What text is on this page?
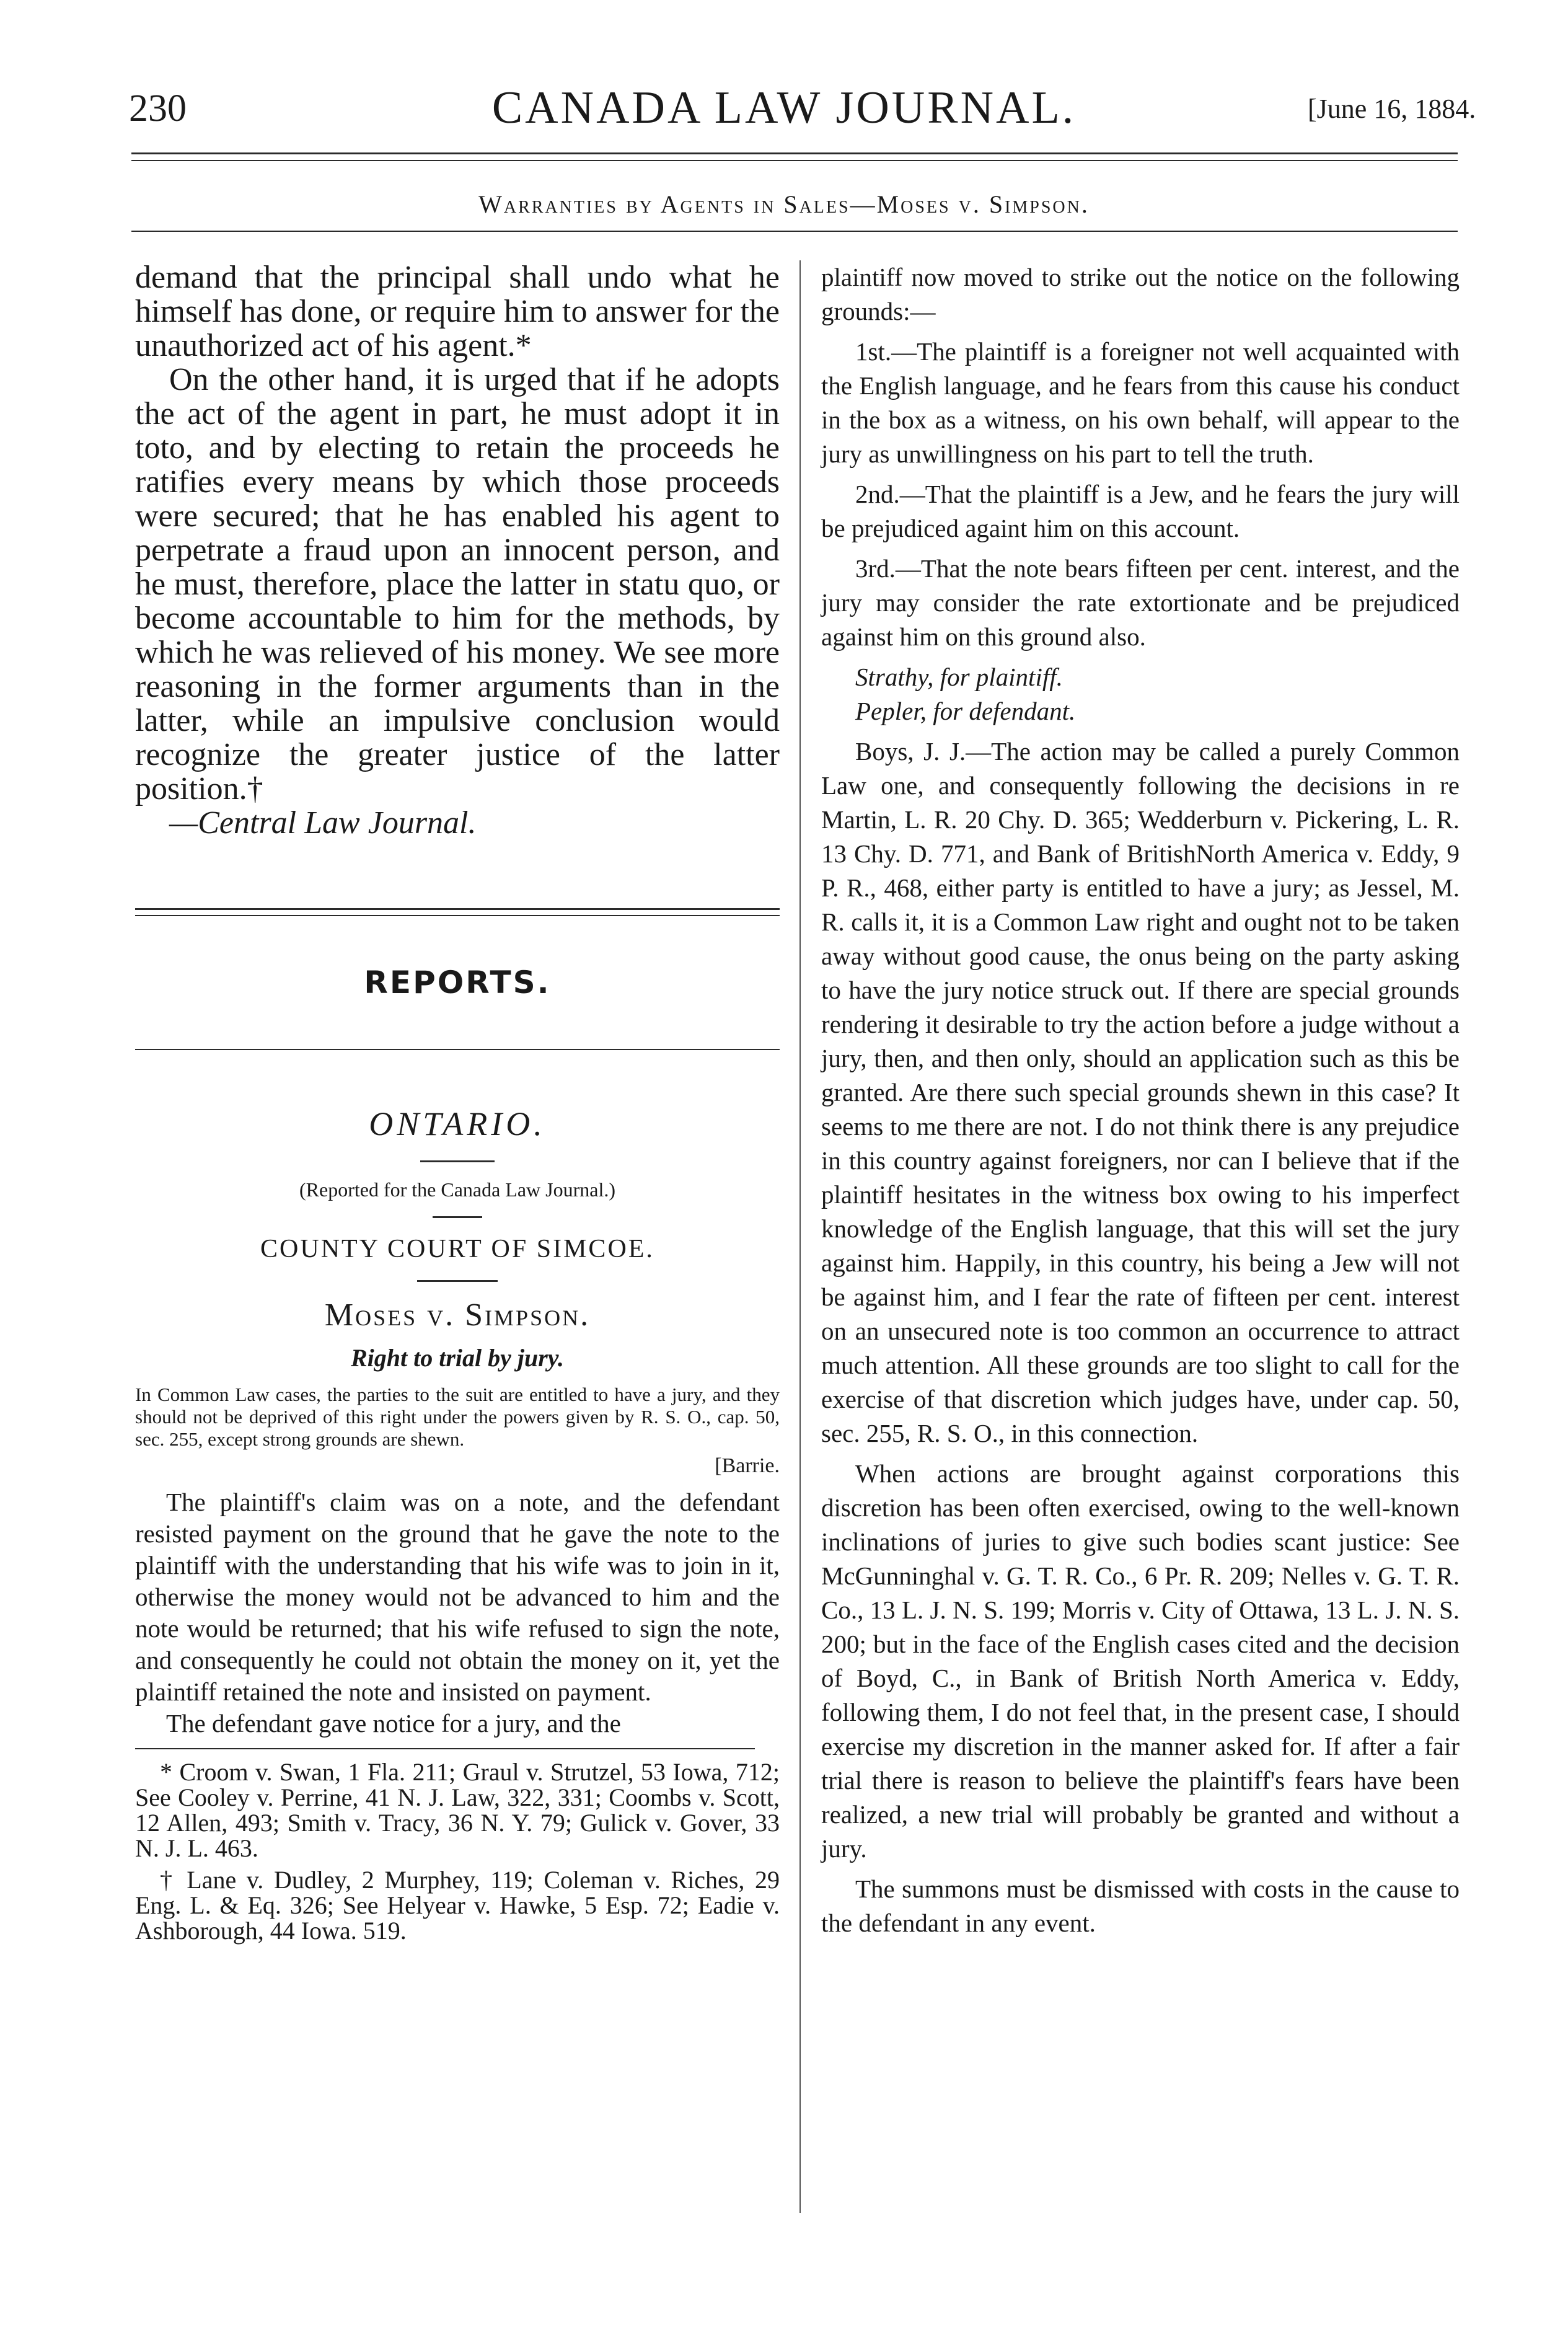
230	CANADA LAW JOURNAL.	[June 16, 1884.
Warranties by Agents in Sales—Moses v. Simpson.

demand that the principal shall undo what he himself has done, or require him to answer for the unauthorized act of his agent.*

On the other hand, it is urged that if he adopts the act of the agent in part, he must adopt it in toto, and by electing to retain the proceeds he ratifies every means by which those proceeds were secured; that he has enabled his agent to perpetrate a fraud upon an innocent person, and he must, therefore, place the latter in statu quo, or become accountable to him for the methods, by which he was relieved of his money. We see more reasoning in the former arguments than in the latter, while an impulsive conclusion would recognize the greater justice of the latter position.†

—Central Law Journal.

REPORTS.
ONTARIO.
(Reported for the Canada Law Journal.)
COUNTY COURT OF SIMCOE.
Moses v. Simpson.
Right to trial by jury.
In Common Law cases, the parties to the suit are entitled to have a jury, and they should not be deprived of this right under the powers given by R. S. O., cap. 50, sec. 255, except strong grounds are shewn.
[Barrie.

The plaintiff's claim was on a note, and the defendant resisted payment on the ground that he gave the note to the plaintiff with the understanding that his wife was to join in it, otherwise the money would not be advanced to him and the note would be returned; that his wife refused to sign the note, and consequently he could not obtain the money on it, yet the plaintiff retained the note and insisted on payment.

The defendant gave notice for a jury, and the

* Croom v. Swan, 1 Fla. 211; Graul v. Strutzel, 53 Iowa, 712; See Cooley v. Perrine, 41 N. J. Law, 322, 331; Coombs v. Scott, 12 Allen, 493; Smith v. Tracy, 36 N. Y. 79; Gulick v. Gover, 33 N. J. L. 463.

† Lane v. Dudley, 2 Murphey, 119; Coleman v. Riches, 29 Eng. L. & Eq. 326; See Helyear v. Hawke, 5 Esp. 72; Eadie v. Ashborough, 44 Iowa. 519.

plaintiff now moved to strike out the notice on the following grounds:—

1st.—The plaintiff is a foreigner not well acquainted with the English language, and he fears from this cause his conduct in the box as a witness, on his own behalf, will appear to the jury as unwillingness on his part to tell the truth.

2nd.—That the plaintiff is a Jew, and he fears the jury will be prejudiced againt him on this account.

3rd.—That the note bears fifteen per cent. interest, and the jury may consider the rate extortionate and be prejudiced against him on this ground also.

Strathy, for plaintiff.

Pepler, for defendant.

Boys, J. J.—The action may be called a purely Common Law one, and consequently following the decisions in re Martin, L. R. 20 Chy. D. 365; Wedderburn v. Pickering, L. R. 13 Chy. D. 771, and Bank of BritishNorth America v. Eddy, 9 P. R., 468, either party is entitled to have a jury; as Jessel, M. R. calls it, it is a Common Law right and ought not to be taken away without good cause, the onus being on the party asking to have the jury notice struck out. If there are special grounds rendering it desirable to try the action before a judge without a jury, then, and then only, should an application such as this be granted. Are there such special grounds shewn in this case? It seems to me there are not. I do not think there is any prejudice in this country against foreigners, nor can I believe that if the plaintiff hesitates in the witness box owing to his imperfect knowledge of the English language, that this will set the jury against him. Happily, in this country, his being a Jew will not be against him, and I fear the rate of fifteen per cent. interest on an unsecured note is too common an occurrence to attract much attention. All these grounds are too slight to call for the exercise of that discretion which judges have, under cap. 50, sec. 255, R. S. O., in this connection.

When actions are brought against corporations this discretion has been often exercised, owing to the well-known inclinations of juries to give such bodies scant justice: See McGunninghal v. G. T. R. Co., 6 Pr. R. 209; Nelles v. G. T. R. Co., 13 L. J. N. S. 199; Morris v. City of Ottawa, 13 L. J. N. S. 200; but in the face of the English cases cited and the decision of Boyd, C., in Bank of British North America v. Eddy, following them, I do not feel that, in the present case, I should exercise my discretion in the manner asked for. If after a fair trial there is reason to believe the plaintiff's fears have been realized, a new trial will probably be granted and without a jury.

The summons must be dismissed with costs in the cause to the defendant in any event.
